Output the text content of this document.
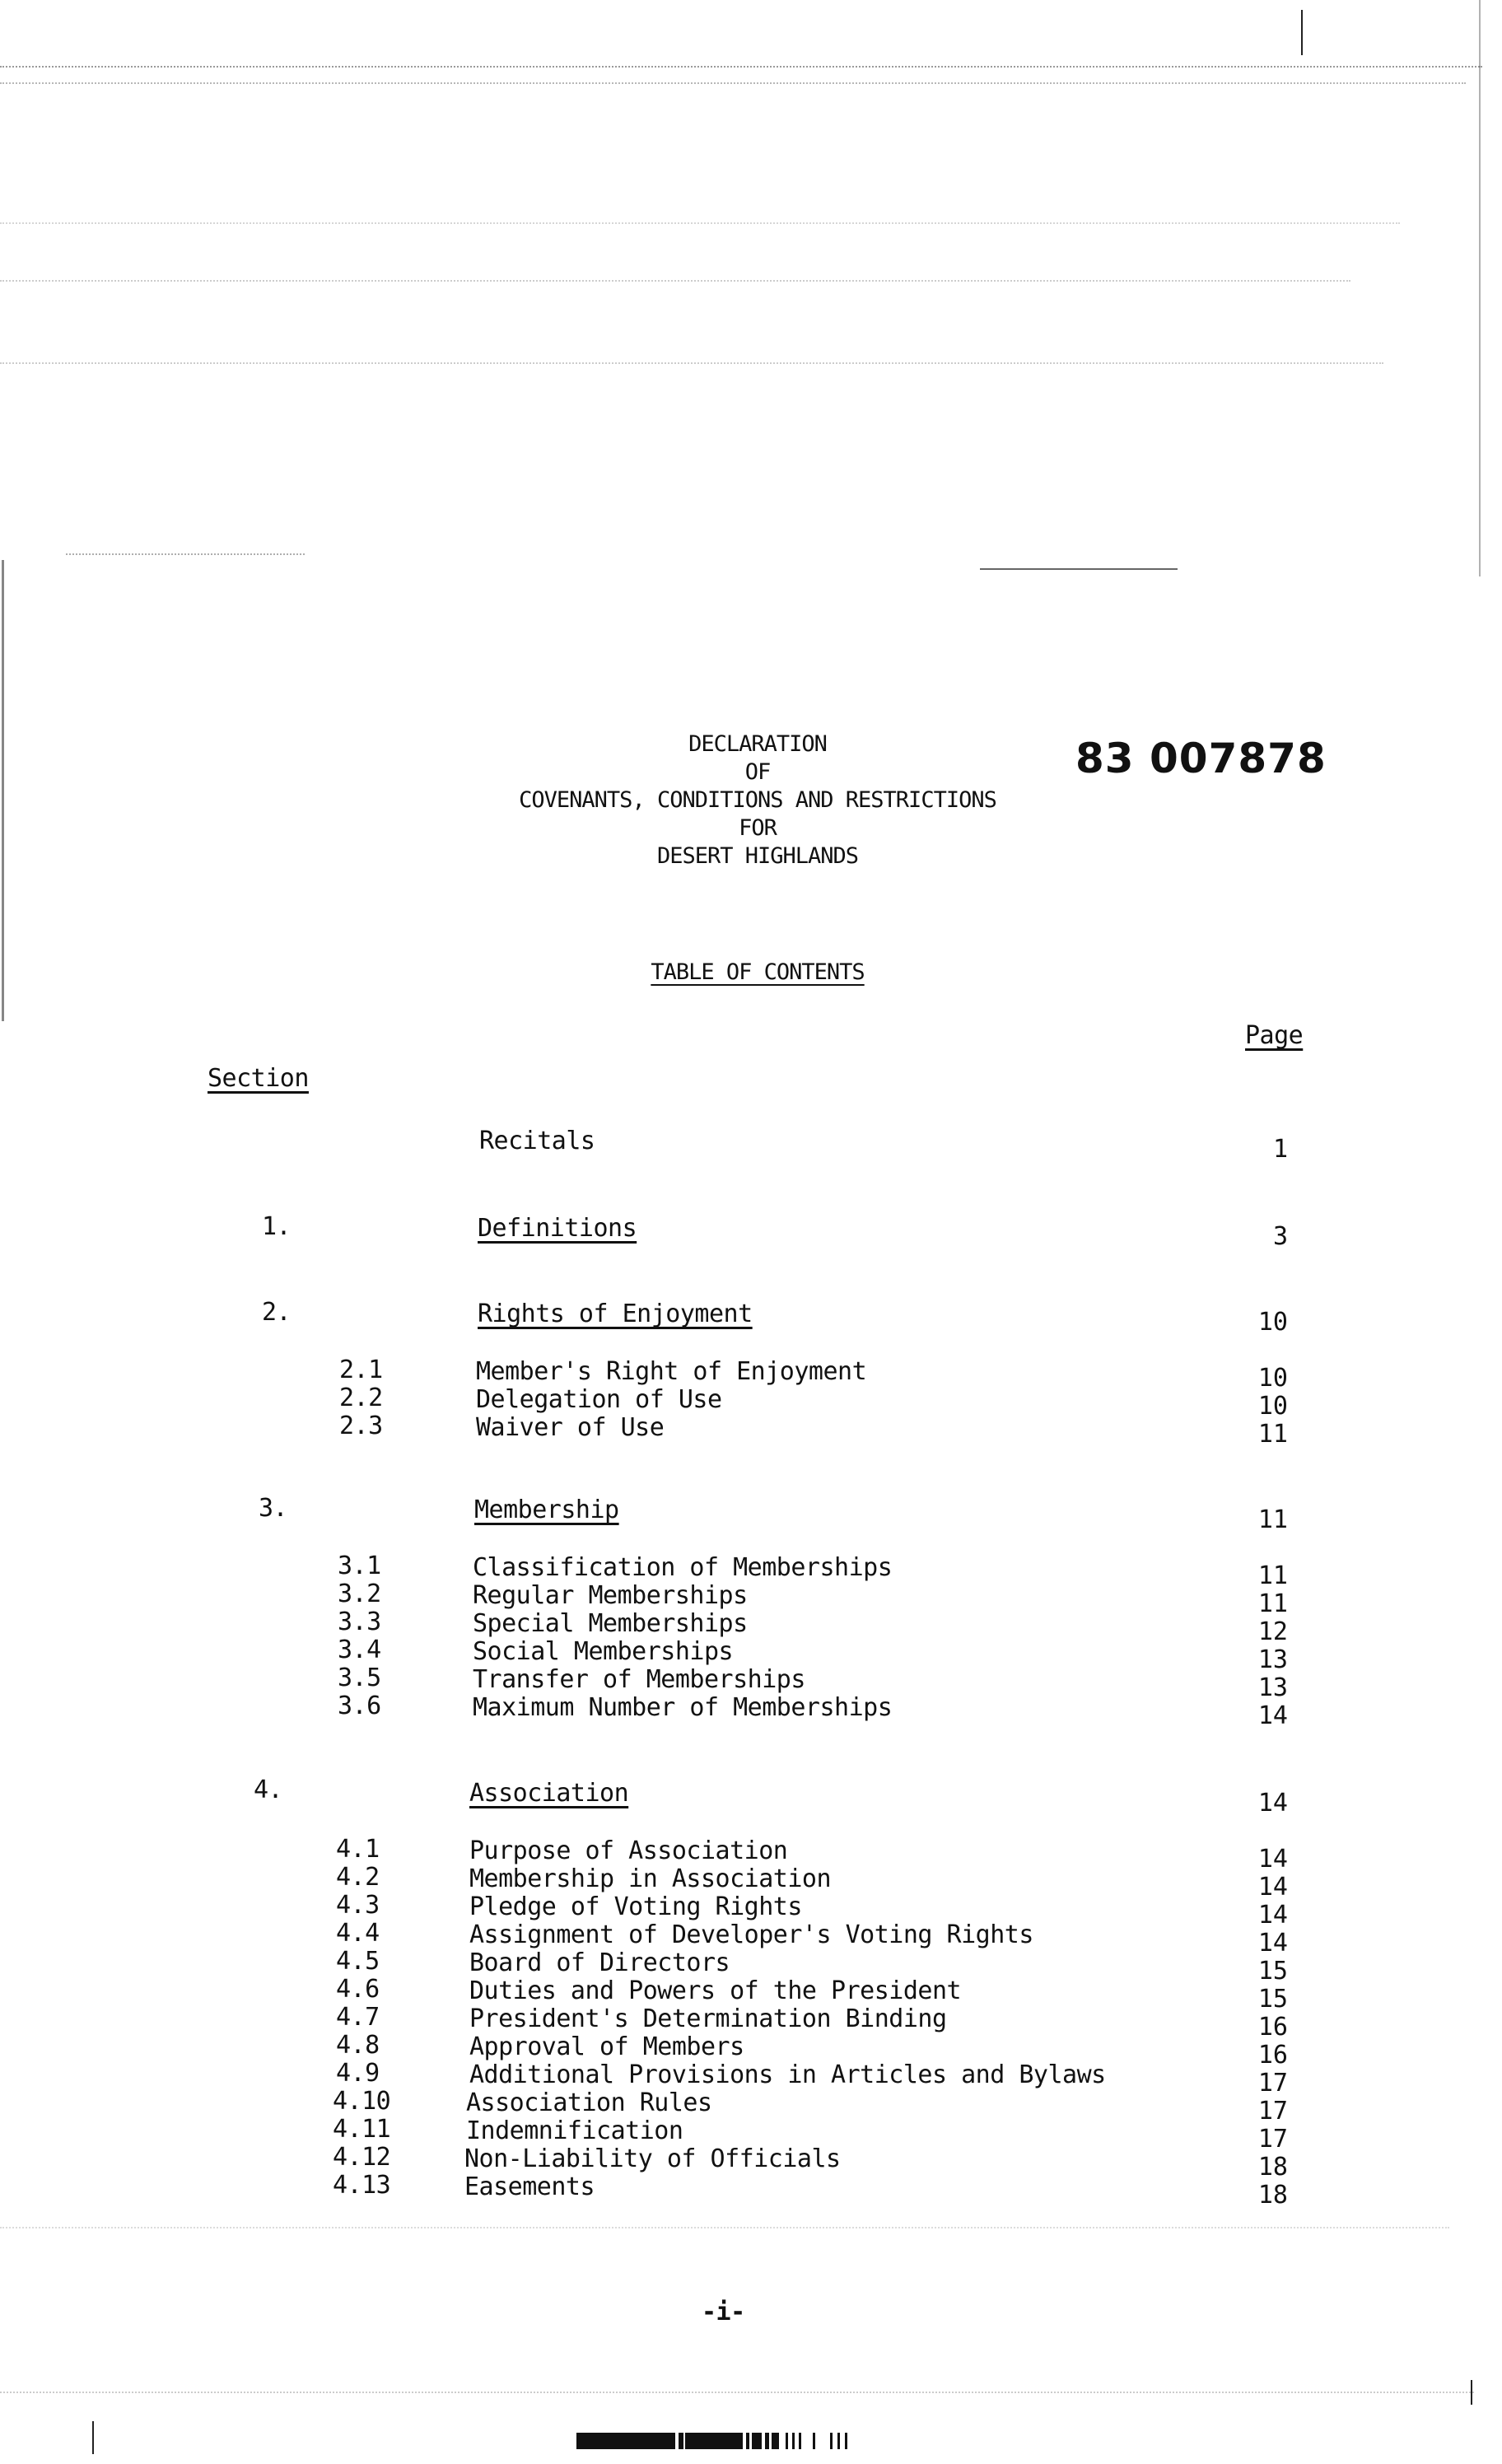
DECLARATION
OF
COVENANTS, CONDITIONS AND RESTRICTIONS
FOR
DESERT HIGHLANDS
83 007878
TABLE OF CONTENTS
Page
Section
Recitals	1
1.	Definitions	3
2.	Rights of Enjoyment	10
2.1	Member's Right of Enjoyment	10
2.2	Delegation of Use	10
2.3	Waiver of Use	11
3.	Membership	11
3.1	Classification of Memberships	11
3.2	Regular Memberships	11
3.3	Special Memberships	12
3.4	Social Memberships	13
3.5	Transfer of Memberships	13
3.6	Maximum Number of Memberships	14
4.	Association	14
4.1	Purpose of Association	14
4.2	Membership in Association	14
4.3	Pledge of Voting Rights	14
4.4	Assignment of Developer's Voting Rights	14
4.5	Board of Directors	15
4.6	Duties and Powers of the President	15
4.7	President's Determination Binding	16
4.8	Approval of Members	16
4.9	Additional Provisions in Articles and Bylaws	17
4.10	Association Rules	17
4.11	Indemnification	17
4.12	Non-Liability of Officials	18
4.13	Easements	18
-i-
